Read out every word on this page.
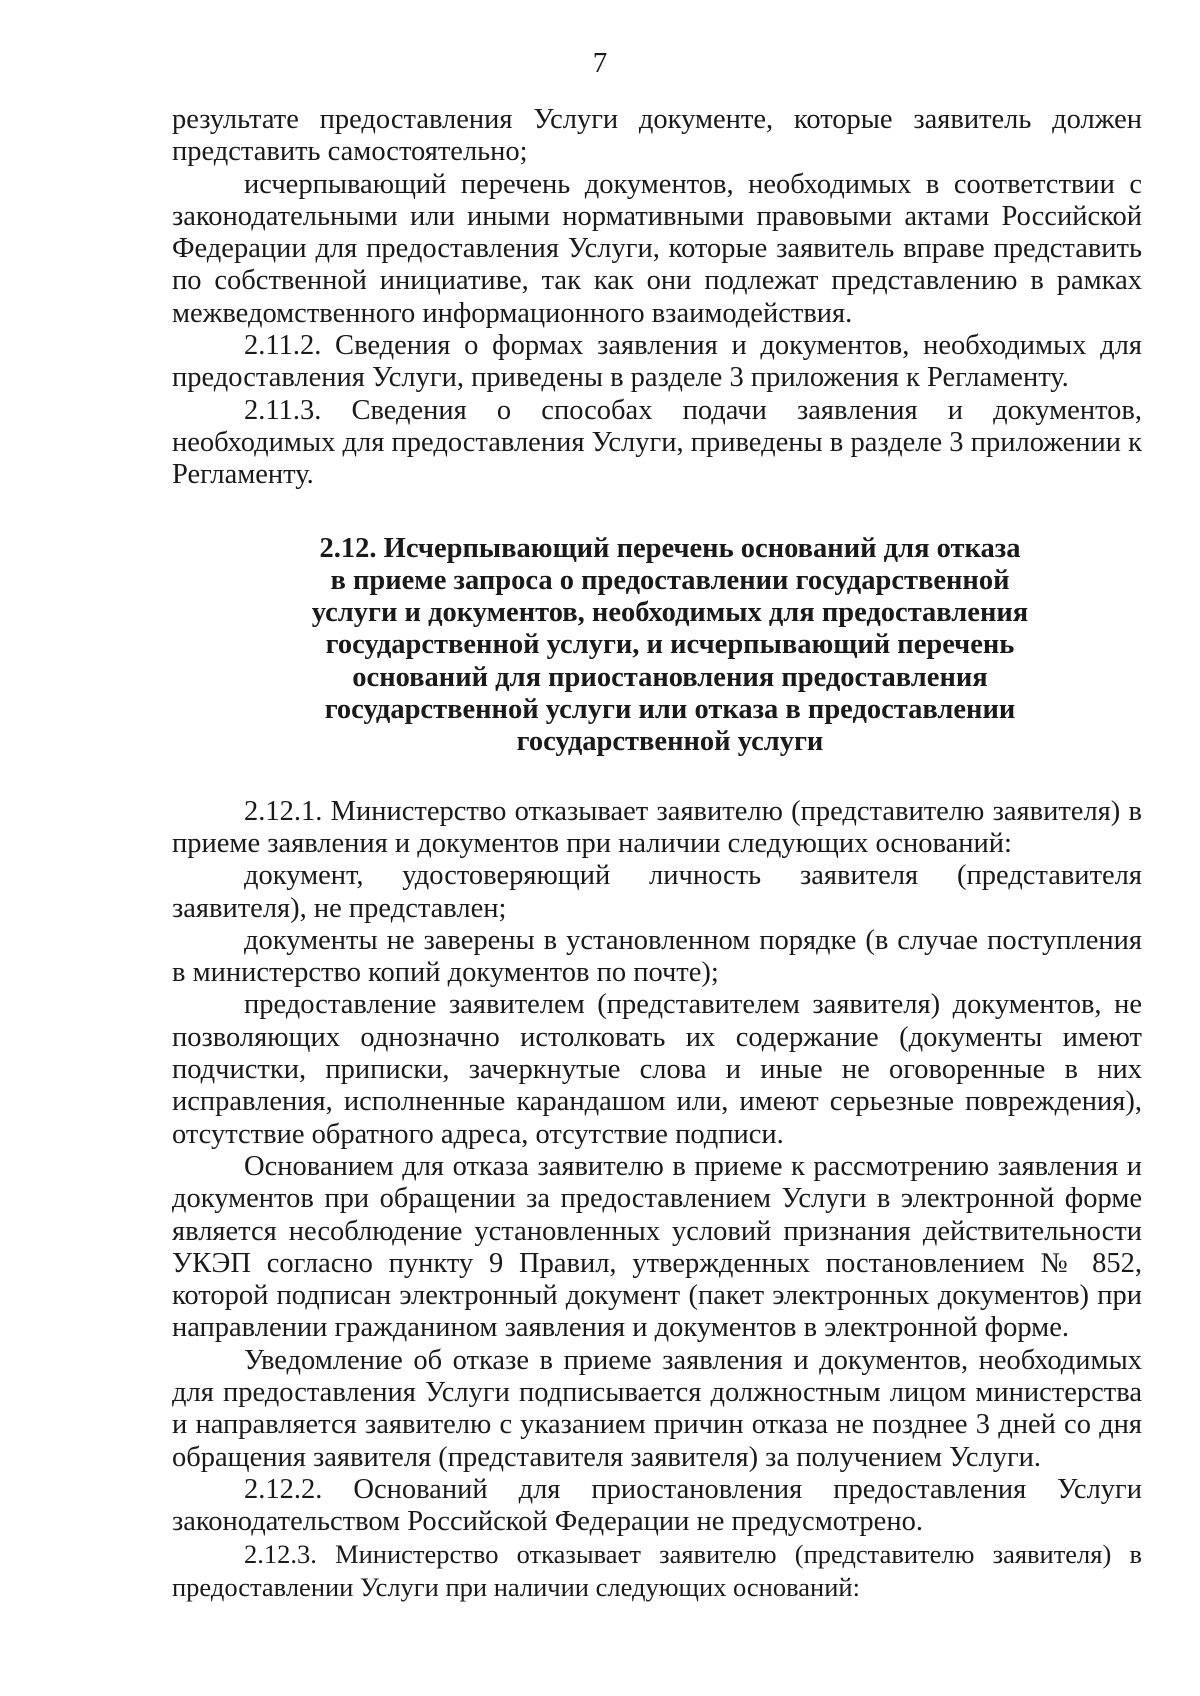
7

результате предоставления Услуги документе, которые заявитель должен представить самостоятельно;

исчерпывающий перечень документов, необходимых в соответствии с законодательными или иными нормативными правовыми актами Российской Федерации для предоставления Услуги, которые заявитель вправе представить по собственной инициативе, так как они подлежат представлению в рамках межведомственного информационного взаимодействия.

2.11.2. Сведения о формах заявления и документов, необходимых для предоставления Услуги, приведены в разделе 3 приложения к Регламенту.

2.11.3. Сведения о способах подачи заявления и документов, необходимых для предоставления Услуги, приведены в разделе 3 приложении к Регламенту.

2.12. Исчерпывающий перечень оснований для отказа
в приеме запроса о предоставлении государственной
услуги и документов, необходимых для предоставления
государственной услуги, и исчерпывающий перечень
оснований для приостановления предоставления
государственной услуги или отказа в предоставлении
государственной услуги

2.12.1. Министерство отказывает заявителю (представителю заявителя) в приеме заявления и документов при наличии следующих оснований:

документ, удостоверяющий личность заявителя (представителя заявителя), не представлен;

документы не заверены в установленном порядке (в случае поступления в министерство копий документов по почте);

предоставление заявителем (представителем заявителя) документов, не позволяющих однозначно истолковать их содержание (документы имеют подчистки, приписки, зачеркнутые слова и иные не оговоренные в них исправления, исполненные карандашом или, имеют серьезные повреждения), отсутствие обратного адреса, отсутствие подписи.

Основанием для отказа заявителю в приеме к рассмотрению заявления и документов при обращении за предоставлением Услуги в электронной форме является несоблюдение установленных условий признания действительности УКЭП согласно пункту 9 Правил, утвержденных постановлением № 852, которой подписан электронный документ (пакет электронных документов) при направлении гражданином заявления и документов в электронной форме.

Уведомление об отказе в приеме заявления и документов, необходимых для предоставления Услуги подписывается должностным лицом министерства и направляется заявителю с указанием причин отказа не позднее 3 дней со дня обращения заявителя (представителя заявителя) за получением Услуги.

2.12.2. Оснований для приостановления предоставления Услуги законодательством Российской Федерации не предусмотрено.

2.12.3. Министерство отказывает заявителю (представителю заявителя) в предоставлении Услуги при наличии следующих оснований:
